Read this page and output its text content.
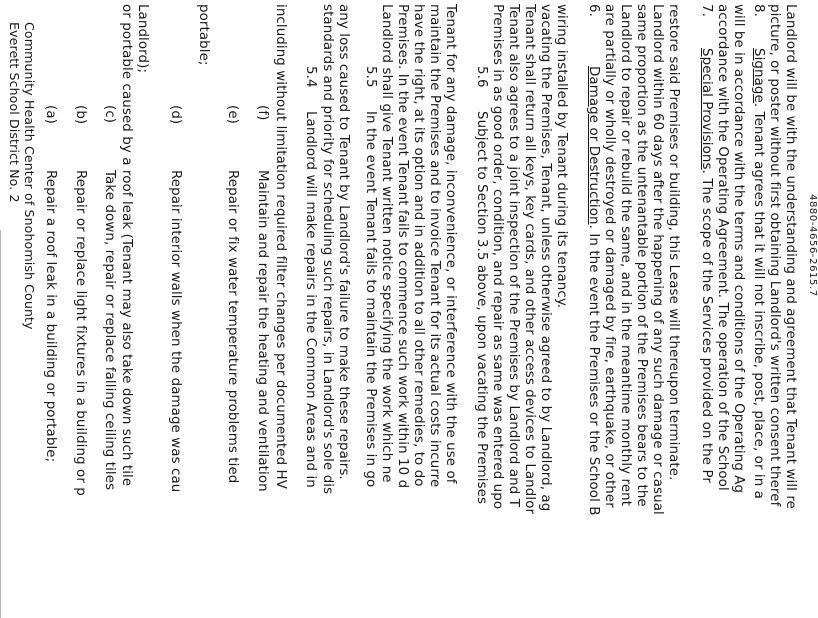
Everett School District No. 2 Community Health Center of Snohomish County (a)
Repair a roof leak in a building or portable;
(b)
Repair or replace light fixtures in a building or p
(c)
Take down, repair or replace falling ceiling tiles or portable caused by a roof leak (Tenant may also take down such tile Landlord);
(d)
Repair interior walls when the damage was cau
portable;
(e)
Repair or fix water temperature problems tied
(f)
Maintain and repair the heating and ventilation including without limitation required filter changes per documented HV 5.4
Landlord will make repairs in the Common Areas and in standards and priority for scheduling such repairs, in Landlord's sole dis any loss caused to Tenant by Landlord's failure to make these repairs. 5.5
In the event Tenant fails to maintain the Premises in go Landlord shall give Tenant written notice specifying the work which ne Premises. In the event Tenant fails to commence such work within 10 d have the right, at its option and in addition to all other remedies, to do maintain the Premises and to invoice Tenant for its actual costs incurre Tenant for any damage, inconvenience, or interference with the use of 5.6
Subject to Section 3.5 above, upon vacating the Premises Premises in as good order, condition, and repair as same was entered upo Tenant also agrees to a joint inspection of the Premises by Landlord and T Tenant shall return all keys, key cards, and other access devices to Landlor vacating the Premises, Tenant, unless otherwise agreed to by Landlord, ag wiring installed by Tenant during its tenancy. 6.
Damage or Destruction. In the event the Premises or the School B are partially or wholly destroyed or damaged by fire, earthquake, or other Landlord to repair or rebuild the same, and in the meantime monthly rent same proportion as the untenantable portion of the Premises bears to the Landlord within 60 days after the happening of any such damage or casual restore said Premises or building, this Lease will thereupon terminate. 7.
Special Provisions. The scope of the Services provided on the Pr accordance with the Operating Agreement. The operation of the School will be in accordance with the terms and conditions of the Operating Ag 8.
Signage. Tenant agrees that it will not inscribe, post, place, or in a picture, or poster without first obtaining Landlord's written consent theref Landlord will be with the understanding and agreement that Tenant will re 4880-4656-2615.7
